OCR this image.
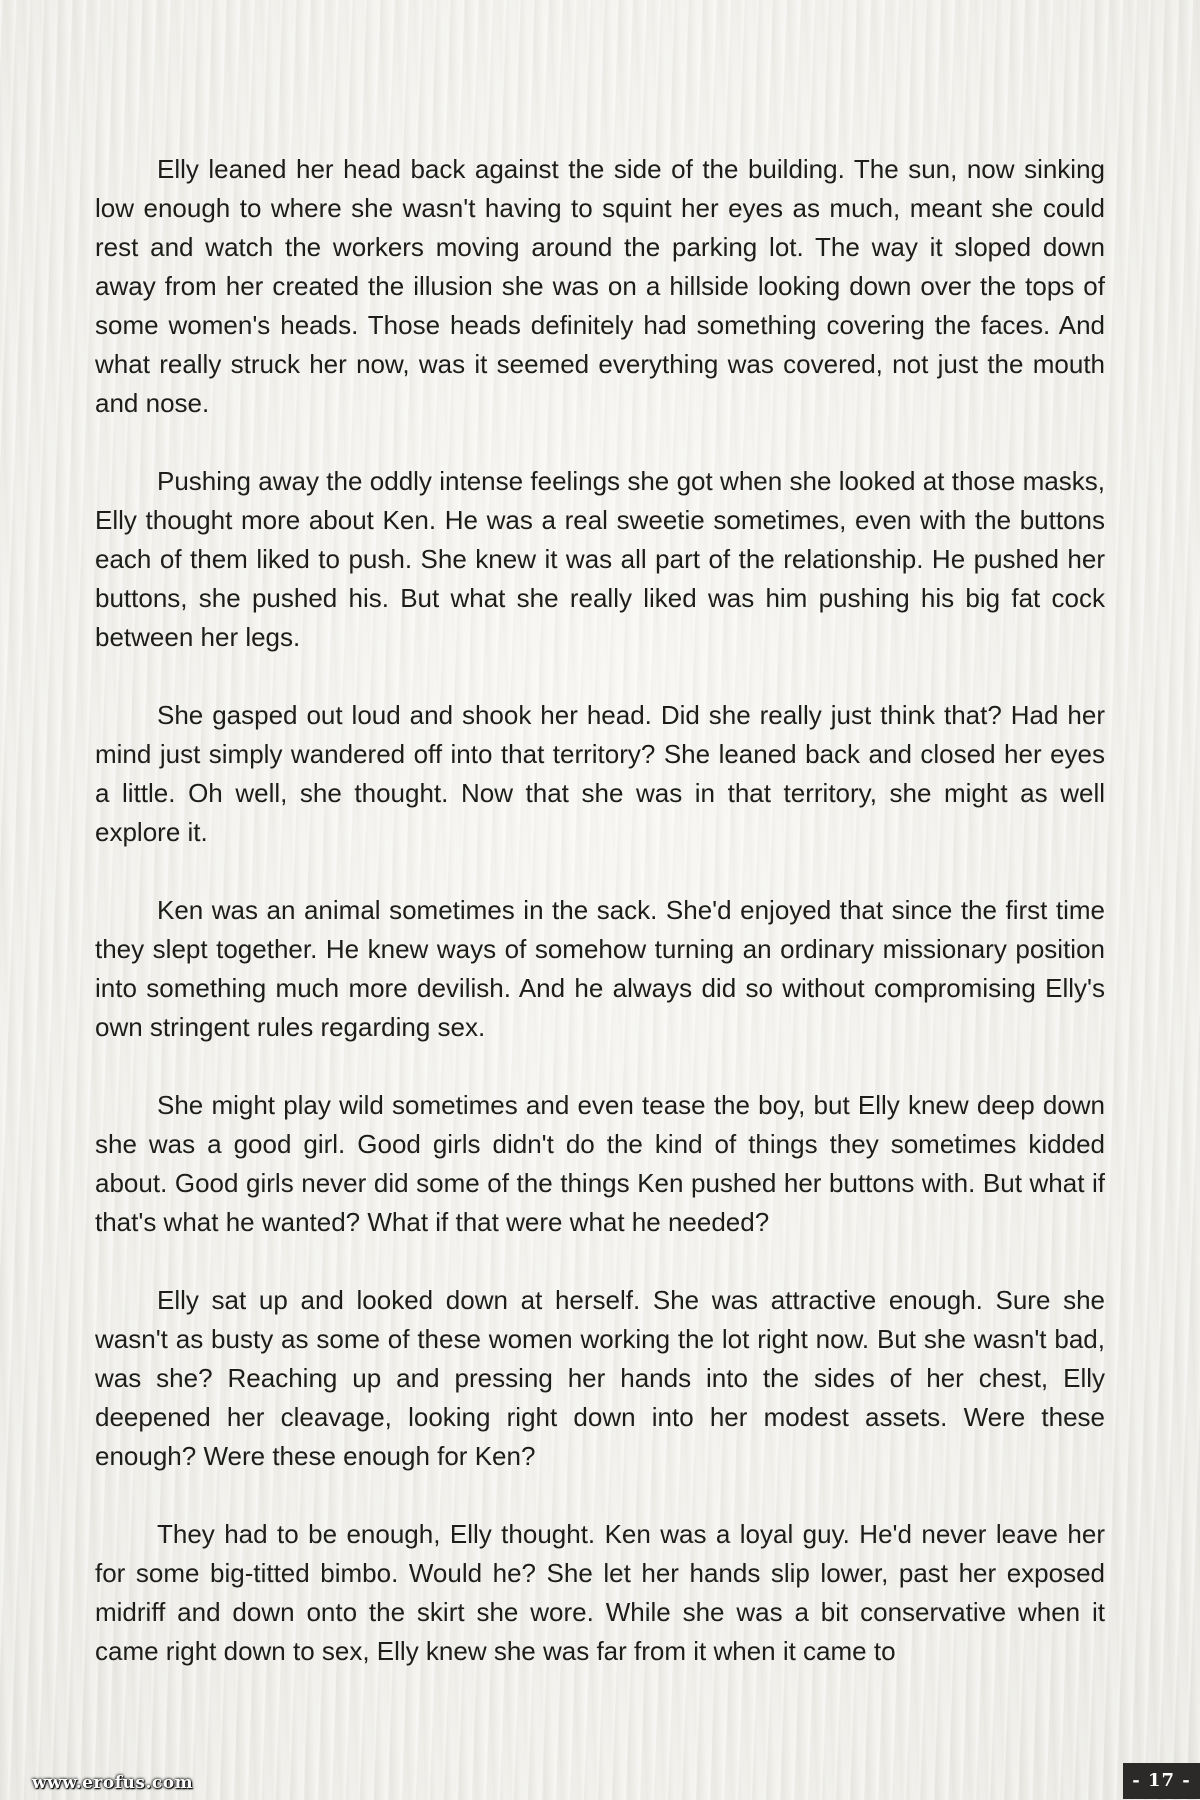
Elly leaned her head back against the side of the building. The sun, now sinking low enough to where she wasn't having to squint her eyes as much, meant she could rest and watch the workers moving around the parking lot. The way it sloped down away from her created the illusion she was on a hillside looking down over the tops of some women's heads. Those heads definitely had something covering the faces. And what really struck her now, was it seemed everything was covered, not just the mouth and nose.

Pushing away the oddly intense feelings she got when she looked at those masks, Elly thought more about Ken. He was a real sweetie sometimes, even with the buttons each of them liked to push. She knew it was all part of the relationship. He pushed her buttons, she pushed his. But what she really liked was him pushing his big fat cock between her legs.

She gasped out loud and shook her head. Did she really just think that? Had her mind just simply wandered off into that territory? She leaned back and closed her eyes a little. Oh well, she thought. Now that she was in that territory, she might as well explore it.

Ken was an animal sometimes in the sack. She'd enjoyed that since the first time they slept together. He knew ways of somehow turning an ordinary missionary position into something much more devilish. And he always did so without compromising Elly's own stringent rules regarding sex.

She might play wild sometimes and even tease the boy, but Elly knew deep down she was a good girl. Good girls didn't do the kind of things they sometimes kidded about. Good girls never did some of the things Ken pushed her buttons with. But what if that's what he wanted? What if that were what he needed?

Elly sat up and looked down at herself. She was attractive enough. Sure she wasn't as busty as some of these women working the lot right now. But she wasn't bad, was she? Reaching up and pressing her hands into the sides of her chest, Elly deepened her cleavage, looking right down into her modest assets. Were these enough? Were these enough for Ken?

They had to be enough, Elly thought. Ken was a loyal guy. He'd never leave her for some big-titted bimbo. Would he? She let her hands slip lower, past her exposed midriff and down onto the skirt she wore. While she was a bit conservative when it came right down to sex, Elly knew she was far from it when it came to

www.erofus.com	- 17 -
